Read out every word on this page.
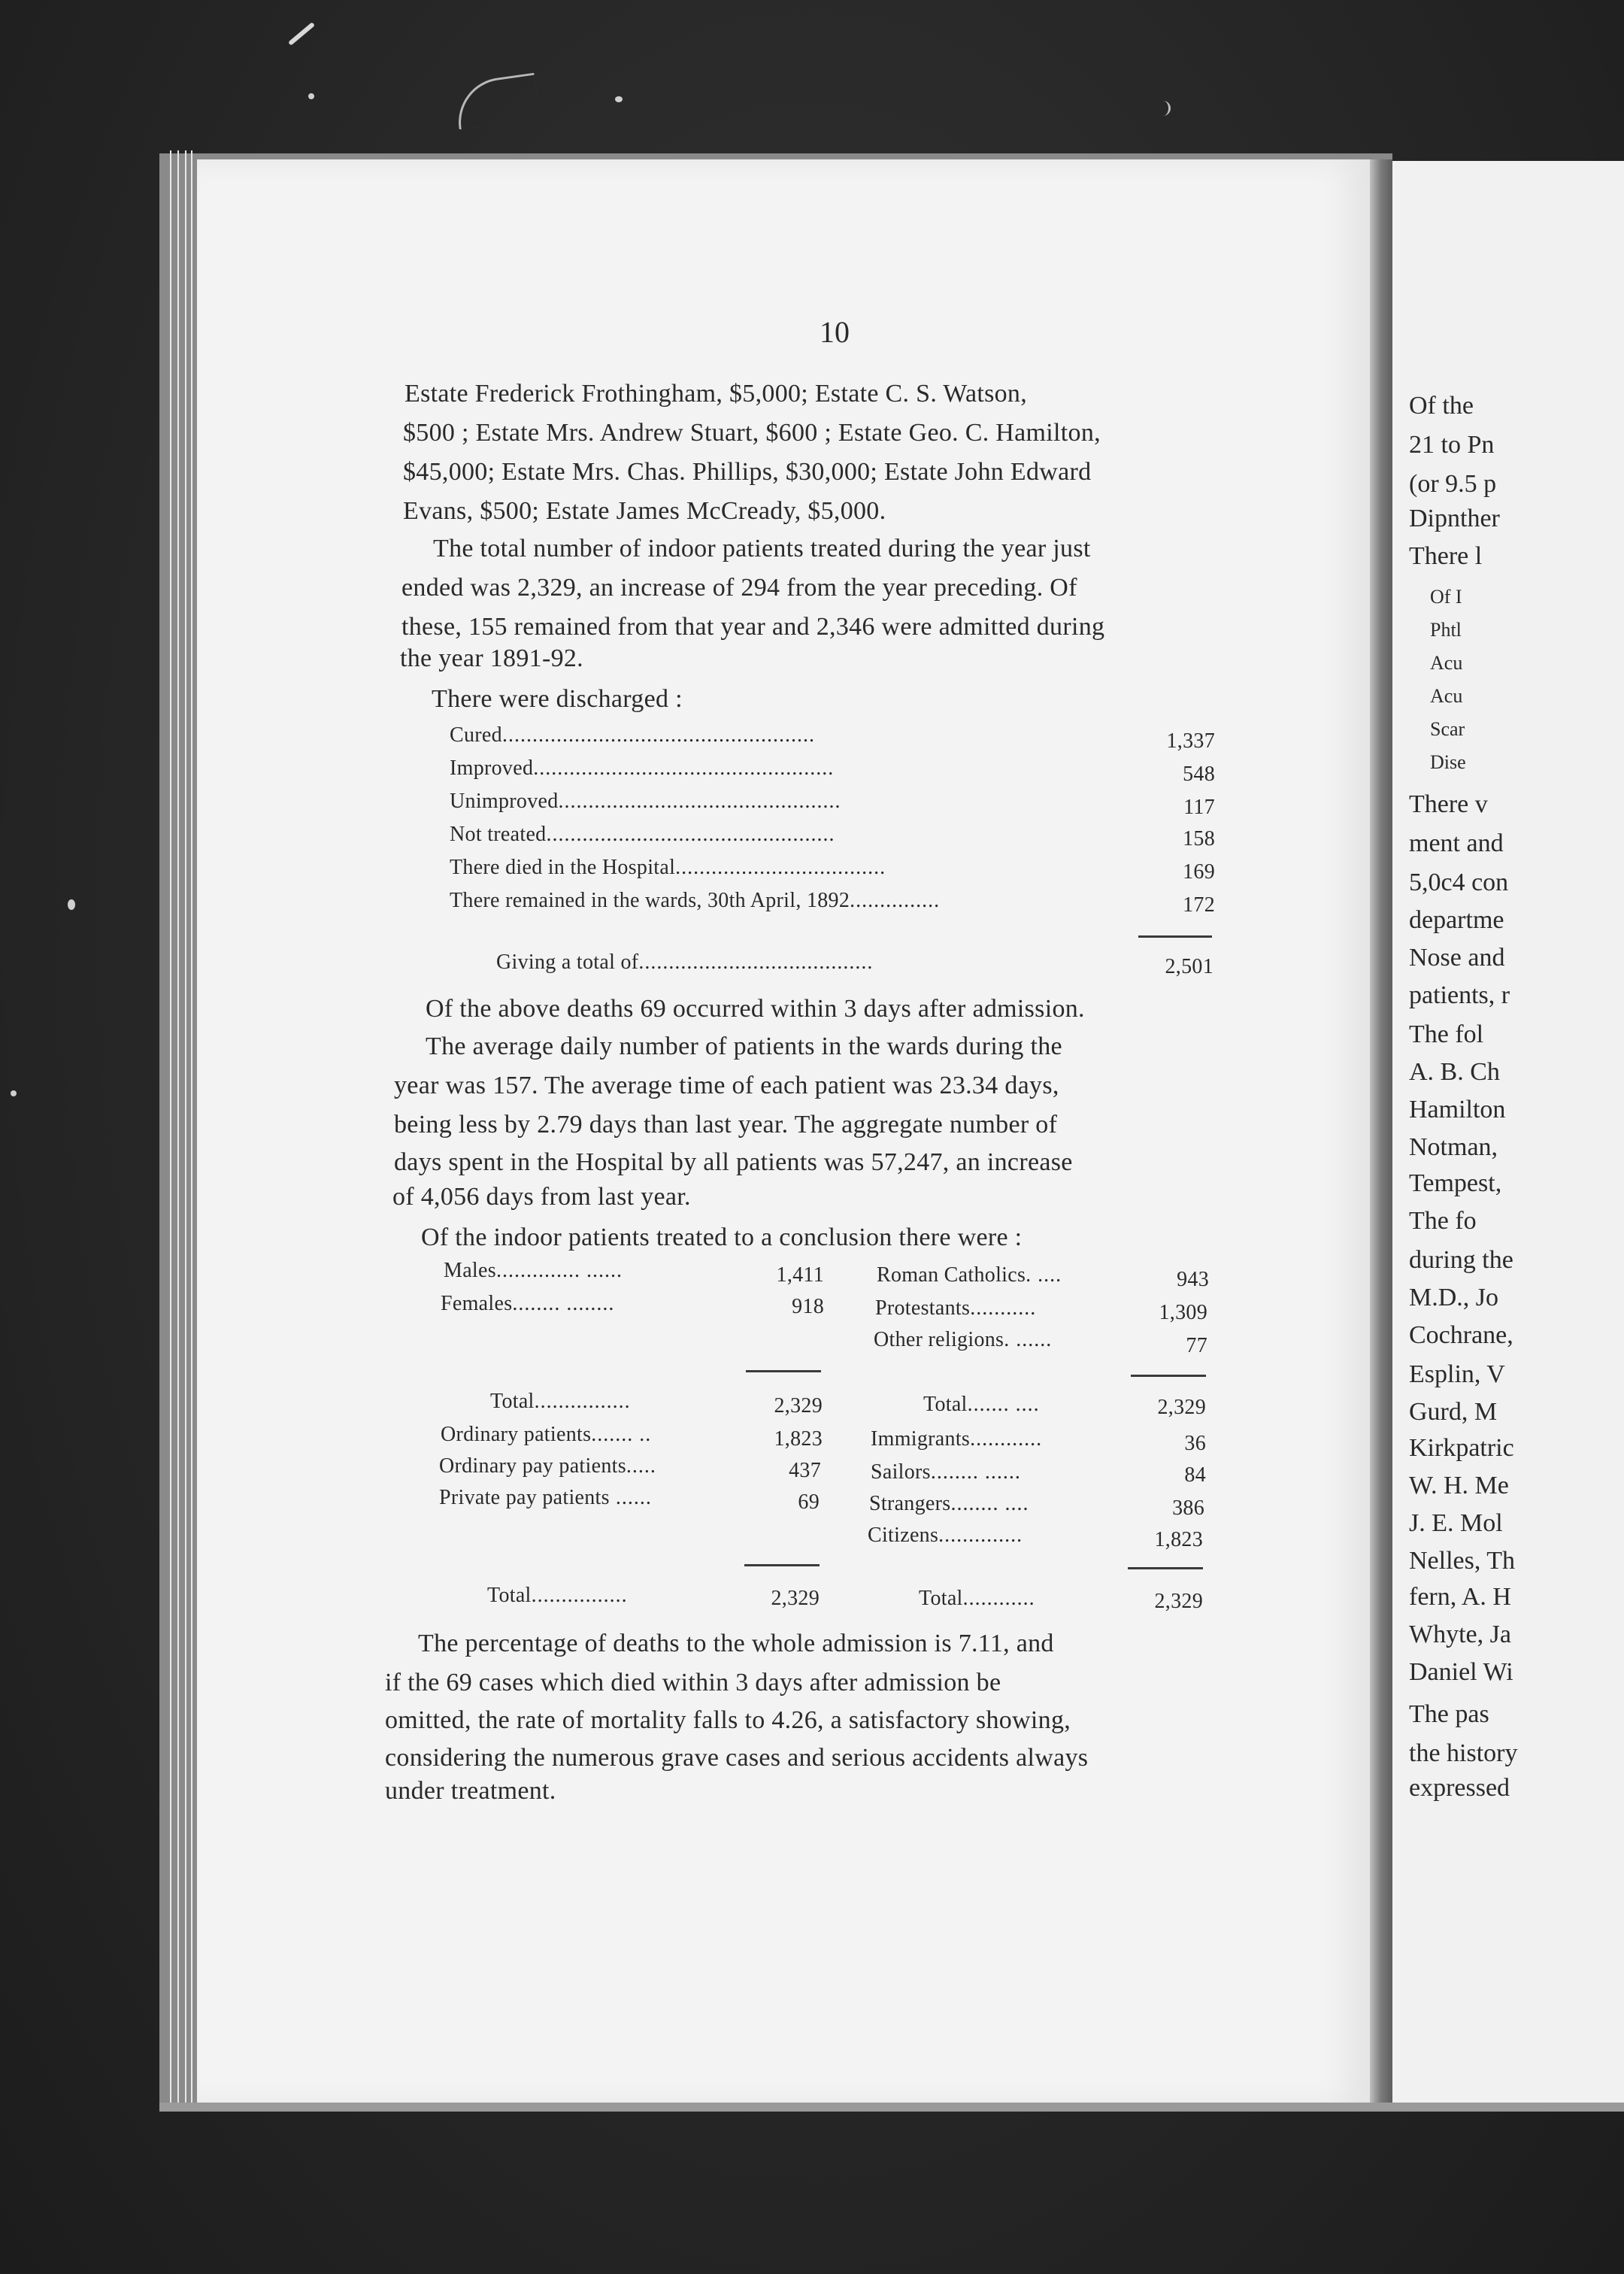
Of the
21 to Pn
(or 9.5 p
Dipnther
There l
Of I
Phtl
Acu
Acu
Scar
Dise
There v
ment and
5,0c4 con
departme
Nose and
patients, r
The fol
A. B. Ch
Hamilton
Notman,
Tempest,
The fo
during the
M.D., Jo
Cochrane,
Esplin, V
Gurd, M
Kirkpatric
W. H. Me
J. E. Mol
Nelles, Th
fern, A. H
Whyte, Ja
Daniel Wi
The pas
the history
expressed
10
Estate Frederick Frothingham, $5,000; Estate C. S. Watson,
$500 ; Estate Mrs. Andrew Stuart, $600 ; Estate Geo. C. Hamilton,
$45,000; Estate Mrs. Chas. Phillips, $30,000; Estate John Edward
Evans, $500; Estate James McCready, $5,000.
The total number of indoor patients treated during the year just
ended was 2,329, an increase of 294 from the year preceding. Of
these, 155 remained from that year and 2,346 were admitted during
the year 1891-92.
There were discharged :
Cured....................................................	1,337
Improved..................................................	548
Unimproved...............................................	117
Not treated................................................	158
There died in the Hospital...................................	169
There remained in the wards, 30th April, 1892...............	172
Giving a total of.......................................	2,501
Of the above deaths 69 occurred within 3 days after admission.
The average daily number of patients in the wards during the
year was 157. The average time of each patient was 23.34 days,
being less by 2.79 days than last year. The aggregate number of
days spent in the Hospital by all patients was 57,247, an increase
of 4,056 days from last year.
Of the indoor patients treated to a conclusion there were :
Males.............. ......	1,411
Females........ ........	918
Total................	2,329
Roman Catholics. ....	943
Protestants...........	1,309
Other religions. ......	77
Total....... ....	2,329
Ordinary patients....... ..	1,823
Ordinary pay patients.....	437
Private pay patients ......	69
Total................	2,329
Immigrants............	36
Sailors........ ......	84
Strangers........ ....	386
Citizens..............	1,823
Total............	2,329
The percentage of deaths to the whole admission is 7.11, and
if the 69 cases which died within 3 days after admission be
omitted, the rate of mortality falls to 4.26, a satisfactory showing,
considering the numerous grave cases and serious accidents always
under treatment.
